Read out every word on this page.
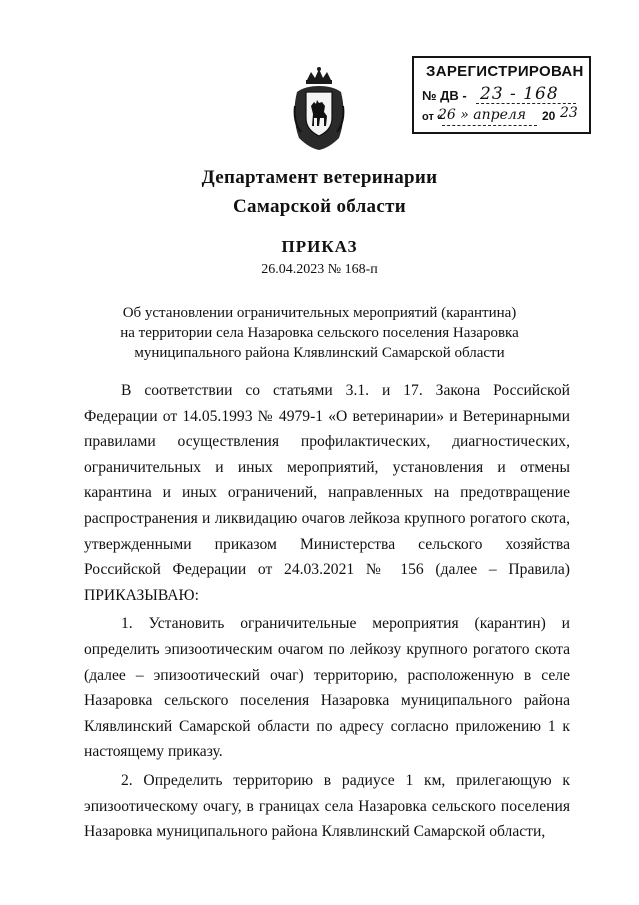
ЗАРЕГИСТРИРОВАН
№ ДВ - 23 - 168
от «
26 » апреля 20 23
Департамент ветеринарии
Самарской области
ПРИКАЗ
26.04.2023 № 168-п
Об установлении ограничительных мероприятий (карантина)
на территории села Назаровка сельского поселения Назаровка
муниципального района Клявлинский Самарской области

В соответствии со статьями 3.1. и 17. Закона Российской Федерации от 14.05.1993 № 4979-1 «О ветеринарии» и Ветеринарными правилами осуществления профилактических, диагностических, ограничительных и иных мероприятий, установления и отмены карантина и иных ограничений, направленных на предотвращение распространения и ликвидацию очагов лейкоза крупного рогатого скота, утвержденными приказом Министерства сельского хозяйства Российской Федерации от 24.03.2021 № 156 (далее – Правила) ПРИКАЗЫВАЮ:

1. Установить ограничительные мероприятия (карантин) и определить эпизоотическим очагом по лейкозу крупного рогатого скота (далее – эпизоотический очаг) территорию, расположенную в селе Назаровка сельского поселения Назаровка муниципального района Клявлинский Самарской области по адресу согласно приложению 1 к настоящему приказу.

2. Определить территорию в радиусе 1 км, прилегающую к эпизоотическому очагу, в границах села Назаровка сельского поселения Назаровка муниципального района Клявлинский Самарской области,
